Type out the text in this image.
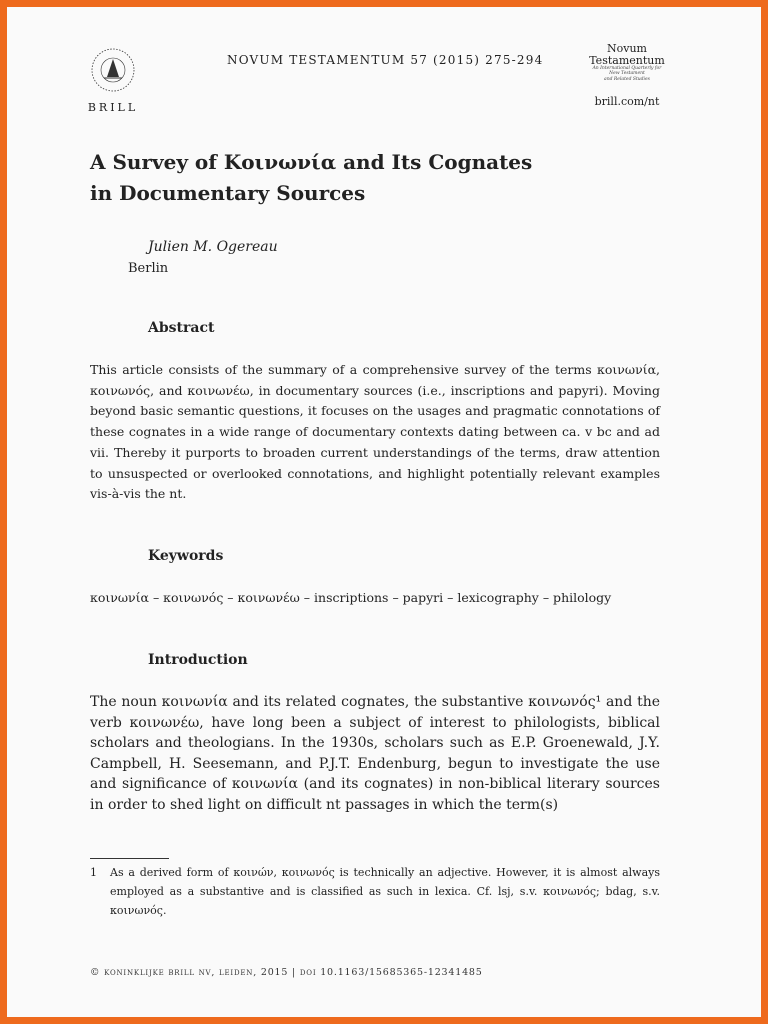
BRILL
NOVUM TESTAMENTUM 57 (2015) 275-294
Novum
Testamentum
An International Quarterly for
New Testament
and Related Studies
brill.com/nt
A Survey of Κοινωνία and Its Cognates
in Documentary Sources
Julien M. Ogereau
Berlin
Abstract
This article consists of the summary of a comprehensive survey of the terms κοινωνία, κοινωνός, and κοινωνέω, in documentary sources (i.e., inscriptions and papyri). Moving beyond basic semantic questions, it focuses on the usages and pragmatic connotations of these cognates in a wide range of documentary contexts dating between ca. v bc and ad vii. Thereby it purports to broaden current understandings of the terms, draw attention to unsuspected or overlooked connotations, and highlight potentially relevant examples vis-à-vis the nt.
Keywords
κοινωνία – κοινωνός – κοινωνέω – inscriptions – papyri – lexicography – philology
Introduction
The noun κοινωνία and its related cognates, the substantive κοινωνός¹ and the verb κοινωνέω, have long been a subject of interest to philologists, biblical scholars and theologians. In the 1930s, scholars such as E.P. Groenewald, J.Y. Campbell, H. Seesemann, and P.J.T. Endenburg, begun to investigate the use and significance of κοινωνία (and its cognates) in non-biblical literary sources in order to shed light on difficult nt passages in which the term(s)
1 As a derived form of κοινών, κοινωνός is technically an adjective. However, it is almost always employed as a substantive and is classified as such in lexica. Cf. lsj, s.v. κοινωνός; bdag, s.v. κοινωνός.
© koninklijke brill nv, leiden, 2015 | doi 10.1163/15685365-12341485
